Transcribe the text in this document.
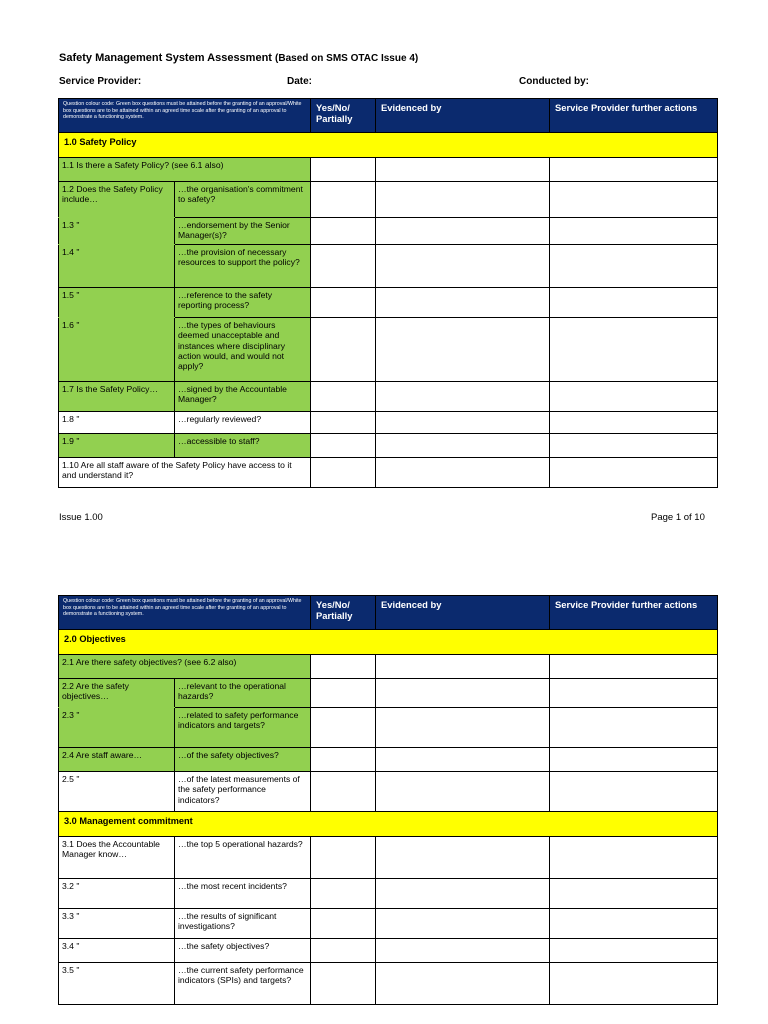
Safety Management System Assessment (Based on SMS OTAC Issue 4)
Service Provider:	Date:	Conducted by:
Question colour code: Green box questions must be attained before the granting of an approval/White box questions are to be attained within an agreed time scale after the granting of an approval to demonstrate a functioning system.		Yes/No/ Partially	Evidenced by	Service Provider further actions
1.0 Safety Policy				
1.1 Is there a Safety Policy? (see 6.1 also)				
1.2 Does the Safety Policy include…	…the organisation's commitment to safety?			
1.3 "	…endorsement by the Senior Manager(s)?			
1.4 "	…the provision of necessary resources to support the policy?			
1.5 "	…reference to the safety reporting process?			
1.6 "	…the types of behaviours deemed unacceptable and instances where disciplinary action would, and would not apply?			
1.7 Is the Safety Policy…	…signed by the Accountable Manager?			
1.8 "	…regularly reviewed?			
1.9 "	…accessible to staff?			
1.10 Are all staff aware of the Safety Policy have access to it and understand it?				
Issue 1.00	Page 1 of 10
Question colour code: Green box questions must be attained before the granting of an approval/White box questions are to be attained within an agreed time scale after the granting of an approval to demonstrate a functioning system.		Yes/No/ Partially	Evidenced by	Service Provider further actions
2.0 Objectives				
2.1 Are there safety objectives? (see 6.2 also)				
2.2 Are the safety objectives…	…relevant to the operational hazards?			
2.3 "	…related to safety performance indicators and targets?			
2.4 Are staff aware…	…of the safety objectives?			
2.5 "	…of the latest measurements of the safety performance indicators?			
3.0 Management commitment				
3.1 Does the Accountable Manager know…	…the top 5 operational hazards?			
3.2 "	…the most recent incidents?			
3.3 "	…the results of significant investigations?			
3.4 "	…the safety objectives?			
3.5 "	…the current safety performance indicators (SPIs) and targets?			
